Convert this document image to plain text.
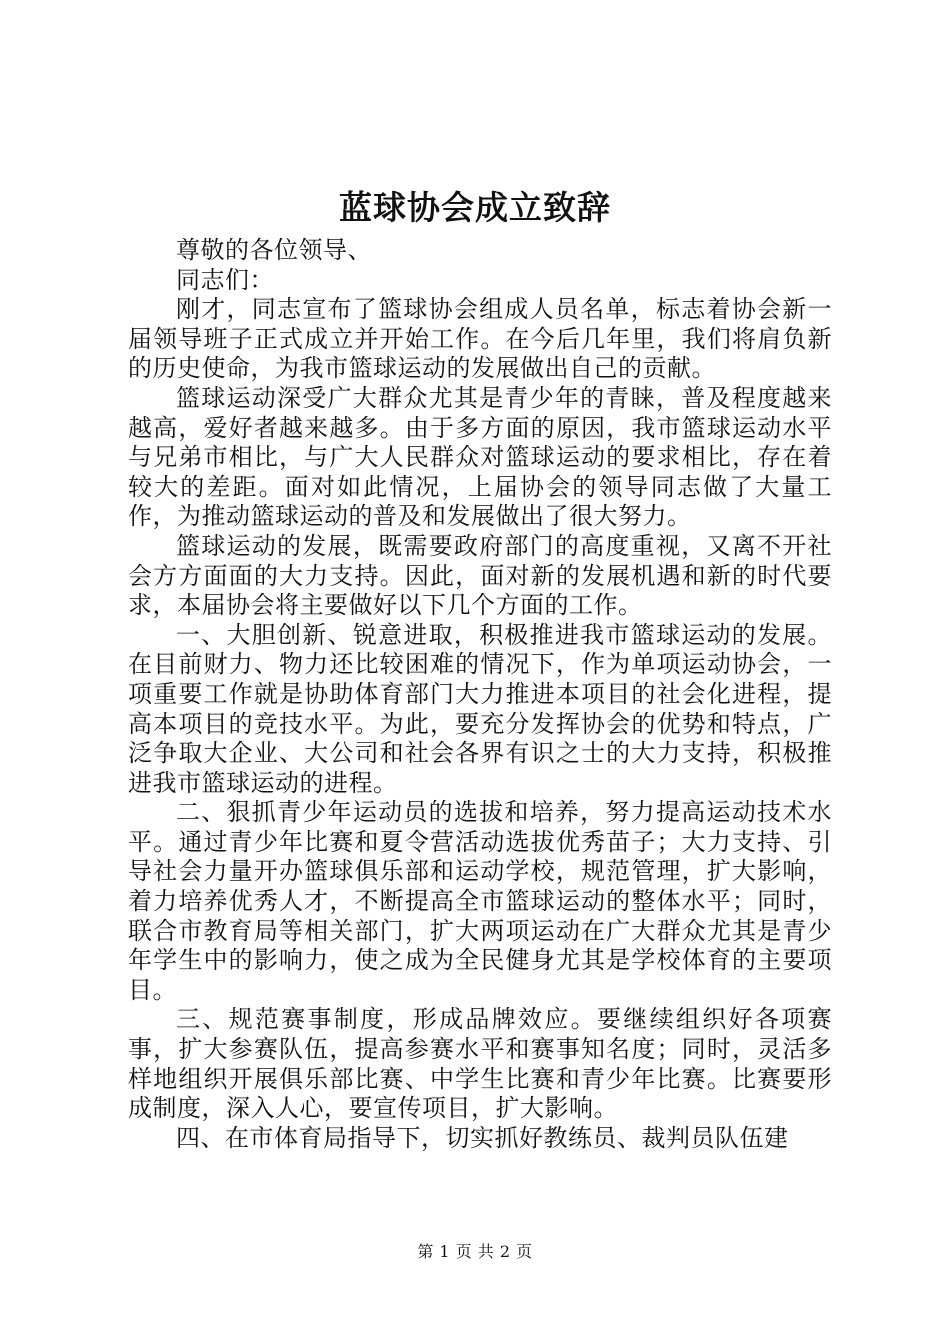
蓝球协会成立致辞

尊敬的各位领导、

同志们：

刚才，同志宣布了篮球协会组成人员名单，标志着协会新一届领导班子正式成立并开始工作。在今后几年里，我们将肩负新的历史使命，为我市篮球运动的发展做出自己的贡献。

篮球运动深受广大群众尤其是青少年的青睐，普及程度越来越高，爱好者越来越多。由于多方面的原因，我市篮球运动水平与兄弟市相比，与广大人民群众对篮球运动的要求相比，存在着较大的差距。面对如此情况，上届协会的领导同志做了大量工作，为推动篮球运动的普及和发展做出了很大努力。

篮球运动的发展，既需要政府部门的高度重视，又离不开社会方方面面的大力支持。因此，面对新的发展机遇和新的时代要求，本届协会将主要做好以下几个方面的工作。

一、大胆创新、锐意进取，积极推进我市篮球运动的发展。在目前财力、物力还比较困难的情况下，作为单项运动协会，一项重要工作就是协助体育部门大力推进本项目的社会化进程，提高本项目的竞技水平。为此，要充分发挥协会的优势和特点，广泛争取大企业、大公司和社会各界有识之士的大力支持，积极推进我市篮球运动的进程。

二、狠抓青少年运动员的选拔和培养，努力提高运动技术水平。通过青少年比赛和夏令营活动选拔优秀苗子；大力支持、引导社会力量开办篮球俱乐部和运动学校，规范管理，扩大影响，着力培养优秀人才，不断提高全市篮球运动的整体水平；同时，联合市教育局等相关部门，扩大两项运动在广大群众尤其是青少年学生中的影响力，使之成为全民健身尤其是学校体育的主要项目。

三、规范赛事制度，形成品牌效应。要继续组织好各项赛事，扩大参赛队伍，提高参赛水平和赛事知名度；同时，灵活多样地组织开展俱乐部比赛、中学生比赛和青少年比赛。比赛要形成制度，深入人心，要宣传项目，扩大影响。

四、在市体育局指导下，切实抓好教练员、裁判员队伍建

第 1 页 共 2 页
